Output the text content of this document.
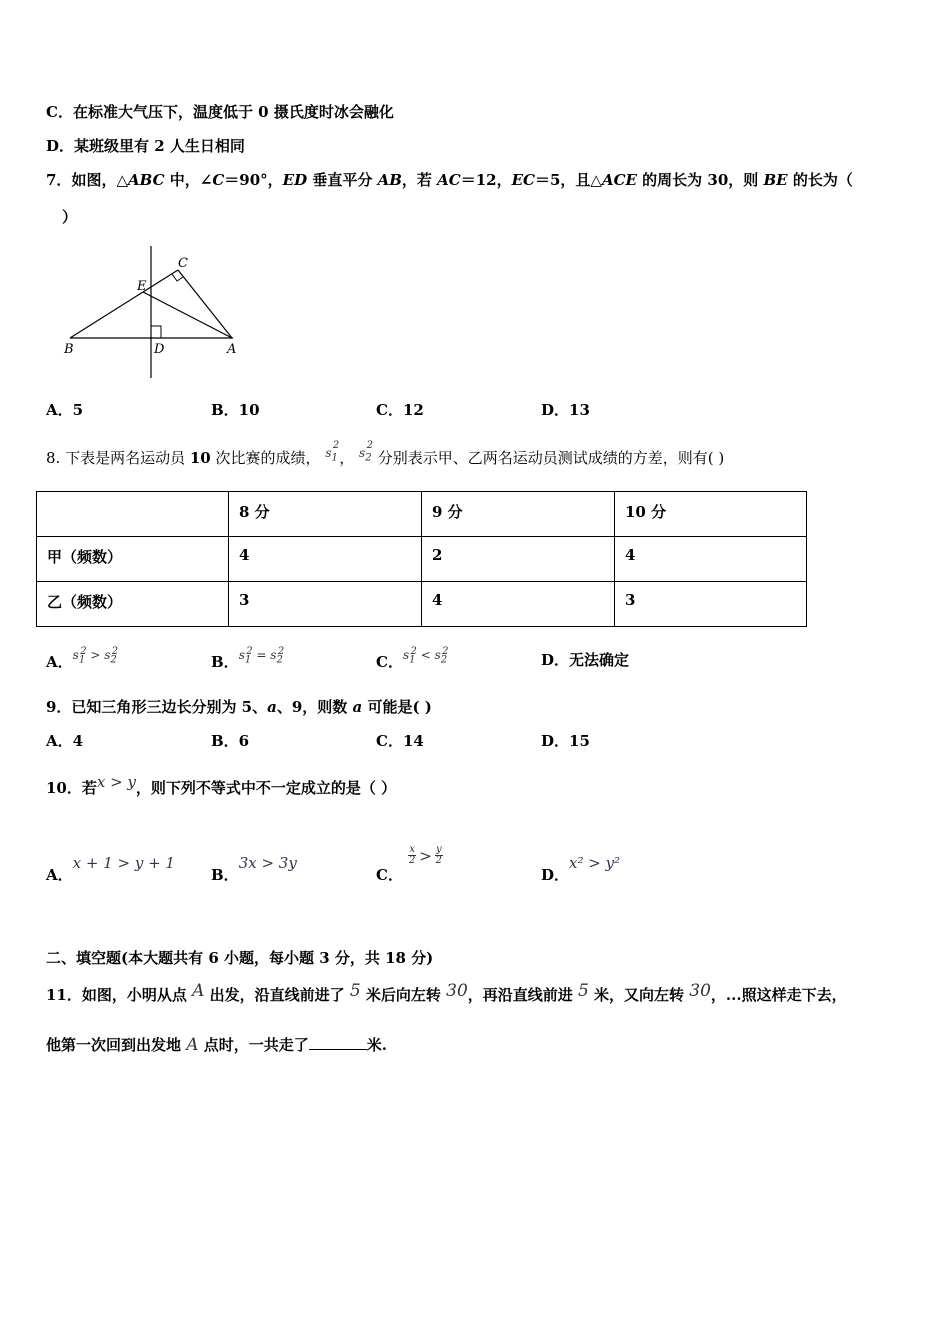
C．在标准大气压下，温度低于 0 摄氏度时冰会融化
D．某班级里有 2 人生日相同
7．如图，△ABC 中，∠C＝90°，ED 垂直平分 AB，若 AC＝12，EC＝5，且△ACE 的周长为 30，则 BE 的长为（
）
B	D	A
E
C
A．5	B．10	C．12	D．13
8. 下表是两名运动员 10 次比赛的成绩， $^{s_1^2}$， $^{s_2^2}$ 分别表示甲、乙两名运动员测试成绩的方差，则有( )
	8 分	9 分	10 分
甲（频数）	4	2	4
乙（频数）	3	4	3
A．$^{s_1^2 > s_2^2}$
B．$^{s_1^2 = s_2^2}$
C．$^{s_1^2 < s_2^2}$	D．无法确定
9．已知三角形三边长分别为 5、a、9，则数 a 可能是( )
A．4	B．6	C．14	D．15
10．若x > y，则下列不等式中不一定成立的是（ ）
A．x + 1 > y + 1
B．3x > 3y
C．
x
2 > y
2
D．x² > y²
二、填空题(本大题共有 6 小题，每小题 3 分，共 18 分)
11．如图，小明从点 A 出发，沿直线前进了 5 米后向左转 30，再沿直线前进 5 米，又向左转 30，...照这样走下去，
他第一次回到出发地 A 点时，一共走了	米.
